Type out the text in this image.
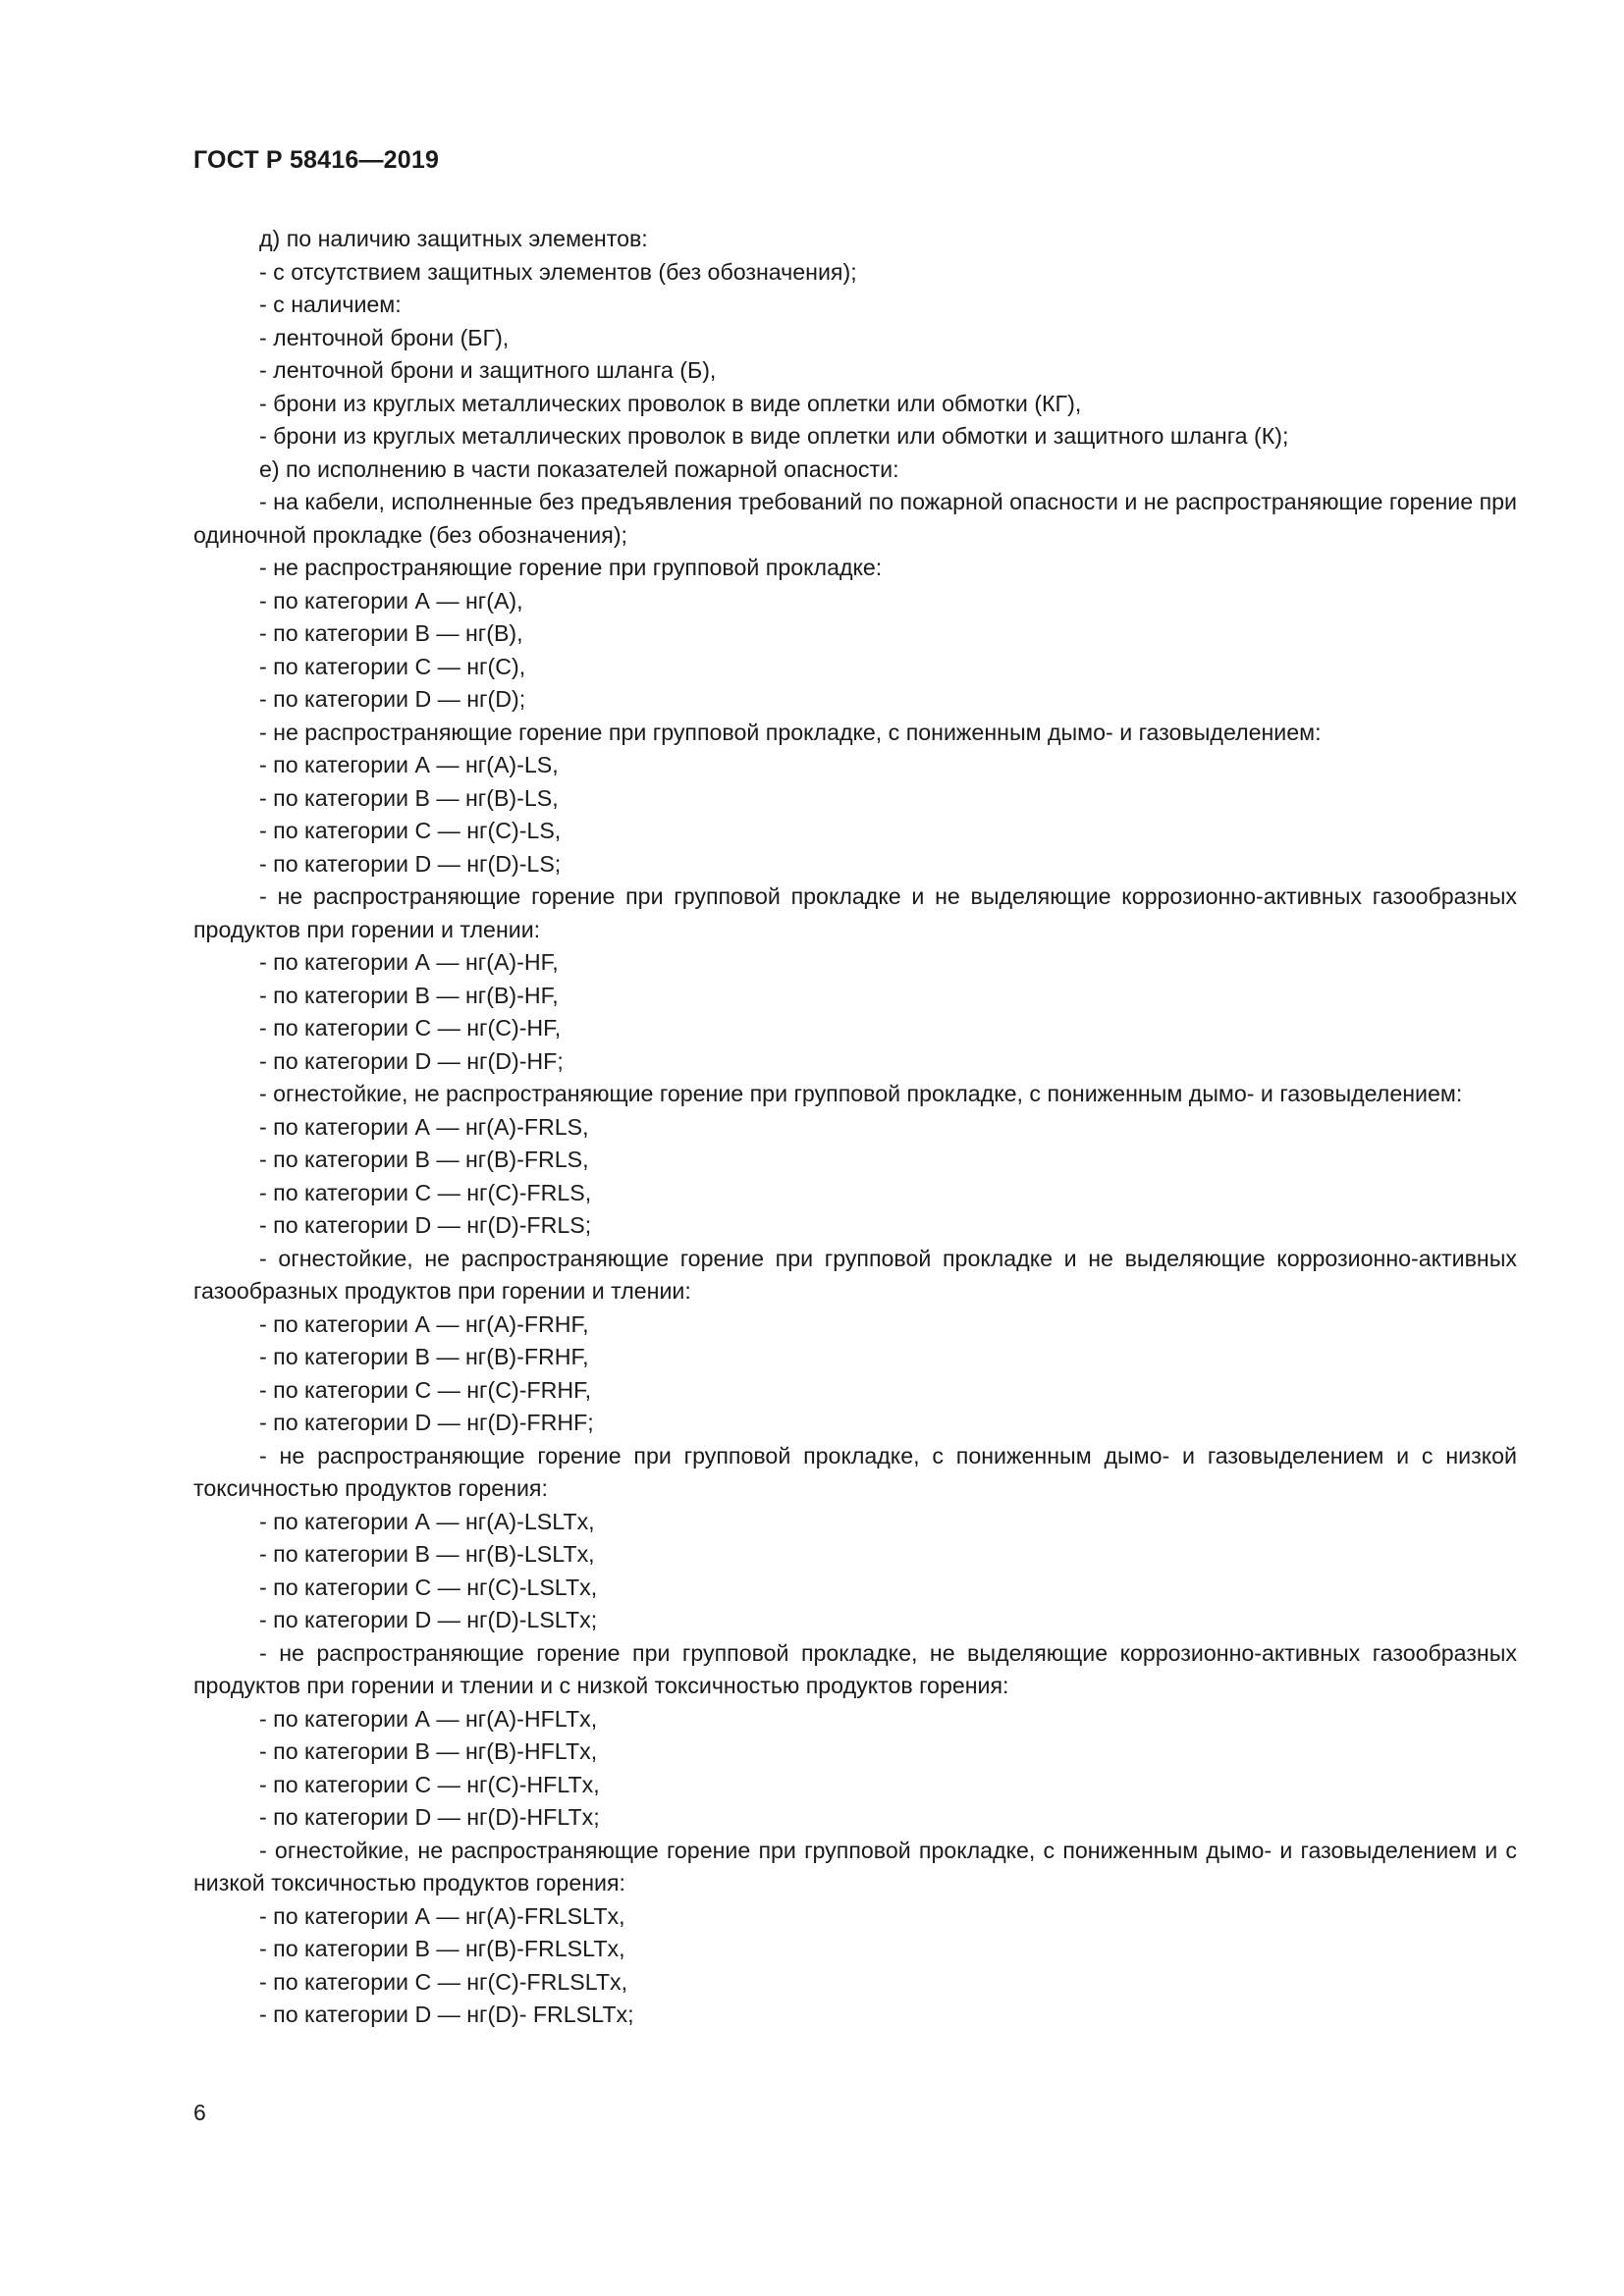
ГОСТ Р 58416—2019

д) по наличию защитных элементов:

- с отсутствием защитных элементов (без обозначения);

- с наличием:

- ленточной брони (БГ),

- ленточной брони и защитного шланга (Б),

- брони из круглых металлических проволок в виде оплетки или обмотки (КГ),

- брони из круглых металлических проволок в виде оплетки или обмотки и защитного шланга (К);

е) по исполнению в части показателей пожарной опасности:

- на кабели, исполненные без предъявления требований по пожарной опасности и не распространяющие горение при одиночной прокладке (без обозначения);

- не распространяющие горение при групповой прокладке:

- по категории А — нг(А),

- по категории В — нг(В),

- по категории С — нг(С),

- по категории D — нг(D);

- не распространяющие горение при групповой прокладке, с пониженным дымо- и газовыделением:

- по категории А — нг(А)-LS,

- по категории В — нг(В)-LS,

- по категории С — нг(С)-LS,

- по категории D — нг(D)-LS;

- не распространяющие горение при групповой прокладке и не выделяющие коррозионно-активных газообразных продуктов при горении и тлении:

- по категории А — нг(А)-HF,

- по категории В — нг(В)-HF,

- по категории С — нг(С)-HF,

- по категории D — нг(D)-HF;

- огнестойкие, не распространяющие горение при групповой прокладке, с пониженным дымо- и газовыделением:

- по категории А — нг(А)-FRLS,

- по категории В — нг(В)-FRLS,

- по категории С — нг(С)-FRLS,

- по категории D — нг(D)-FRLS;

- огнестойкие, не распространяющие горение при групповой прокладке и не выделяющие коррозионно-активных газообразных продуктов при горении и тлении:

- по категории А — нг(А)-FRHF,

- по категории В — нг(В)-FRHF,

- по категории С — нг(С)-FRHF,

- по категории D — нг(D)-FRHF;

- не распространяющие горение при групповой прокладке, с пониженным дымо- и газовыделением и с низкой токсичностью продуктов горения:

- по категории А — нг(А)-LSLTx,

- по категории В — нг(В)-LSLTx,

- по категории С — нг(С)-LSLTx,

- по категории D — нг(D)-LSLTx;

- не распространяющие горение при групповой прокладке, не выделяющие коррозионно-активных газообразных продуктов при горении и тлении и с низкой токсичностью продуктов горения:

- по категории А — нг(А)-HFLTx,

- по категории В — нг(В)-HFLTx,

- по категории С — нг(С)-HFLTx,

- по категории D — нг(D)-HFLTx;

- огнестойкие, не распространяющие горение при групповой прокладке, с пониженным дымо- и газовыделением и с низкой токсичностью продуктов горения:

- по категории А — нг(А)-FRLSLTx,

- по категории В — нг(В)-FRLSLTx,

- по категории С — нг(С)-FRLSLTx,

- по категории D — нг(D)- FRLSLTx;

6
